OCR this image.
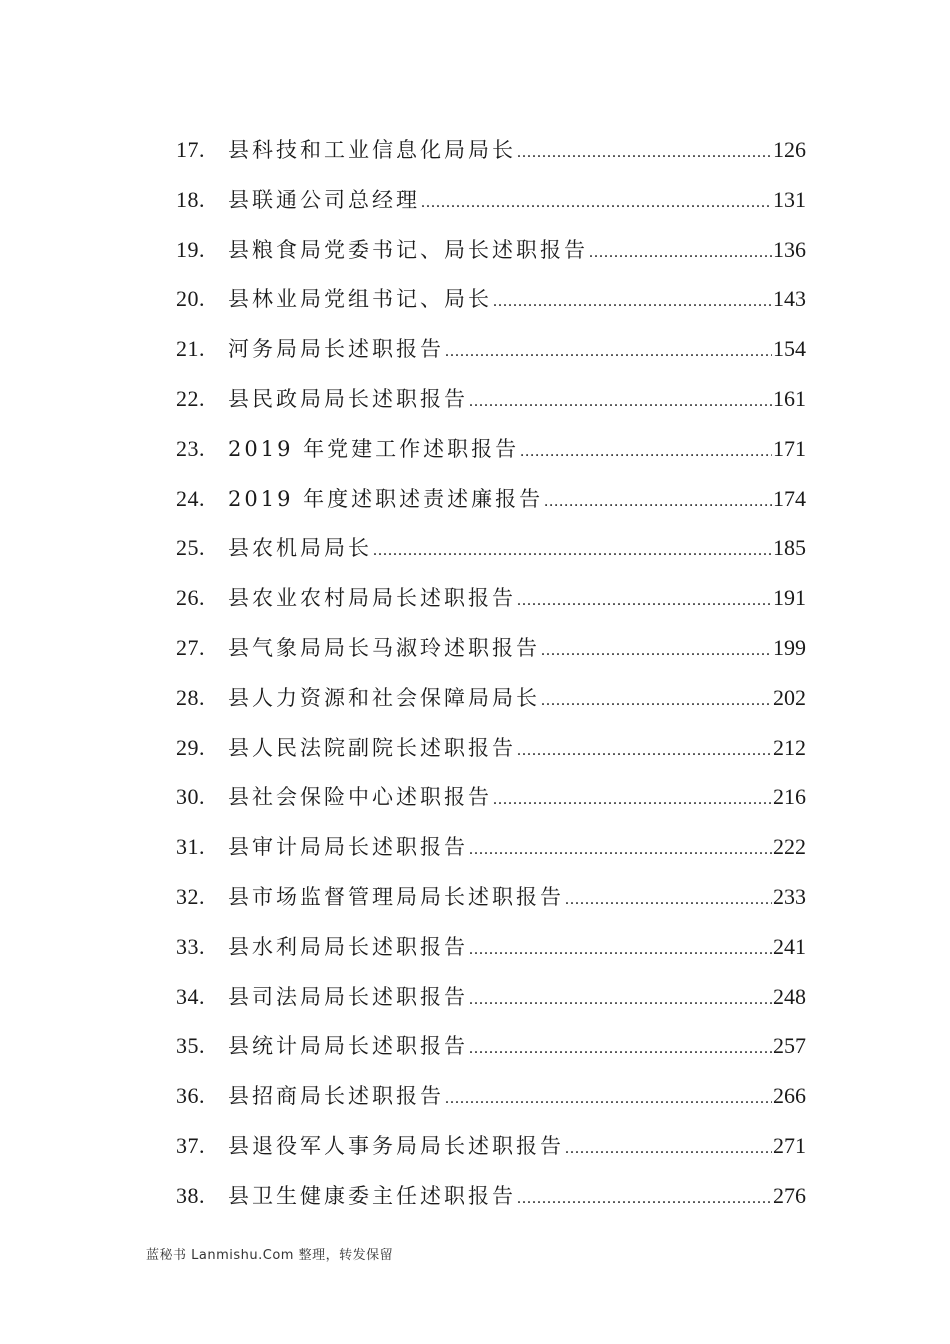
17.	县科技和工业信息化局局长 .....	126
18.	县联通公司总经理 .....	131
19.	县粮食局党委书记、局长述职报告 .....	136
20.	县林业局党组书记、局长 .....	143
21.	河务局局长述职报告 .....	154
22.	县民政局局长述职报告 .....	161
23.	2019 年党建工作述职报告 .....	171
24.	2019 年度述职述责述廉报告 .....	174
25.	县农机局局长 .....	185
26.	县农业农村局局长述职报告 .....	191
27.	县气象局局长马淑玲述职报告 .....	199
28.	县人力资源和社会保障局局长 .....	202
29.	县人民法院副院长述职报告 .....	212
30.	县社会保险中心述职报告 .....	216
31.	县审计局局长述职报告 .....	222
32.	县市场监督管理局局长述职报告 .....	233
33.	县水利局局长述职报告 .....	241
34.	县司法局局长述职报告 .....	248
35.	县统计局局长述职报告 .....	257
36.	县招商局长述职报告 .....	266
37.	县退役军人事务局局长述职报告 .....	271
38.	县卫生健康委主任述职报告 .....	276
蓝秘书 Lanmishu.Com 整理，转发保留
